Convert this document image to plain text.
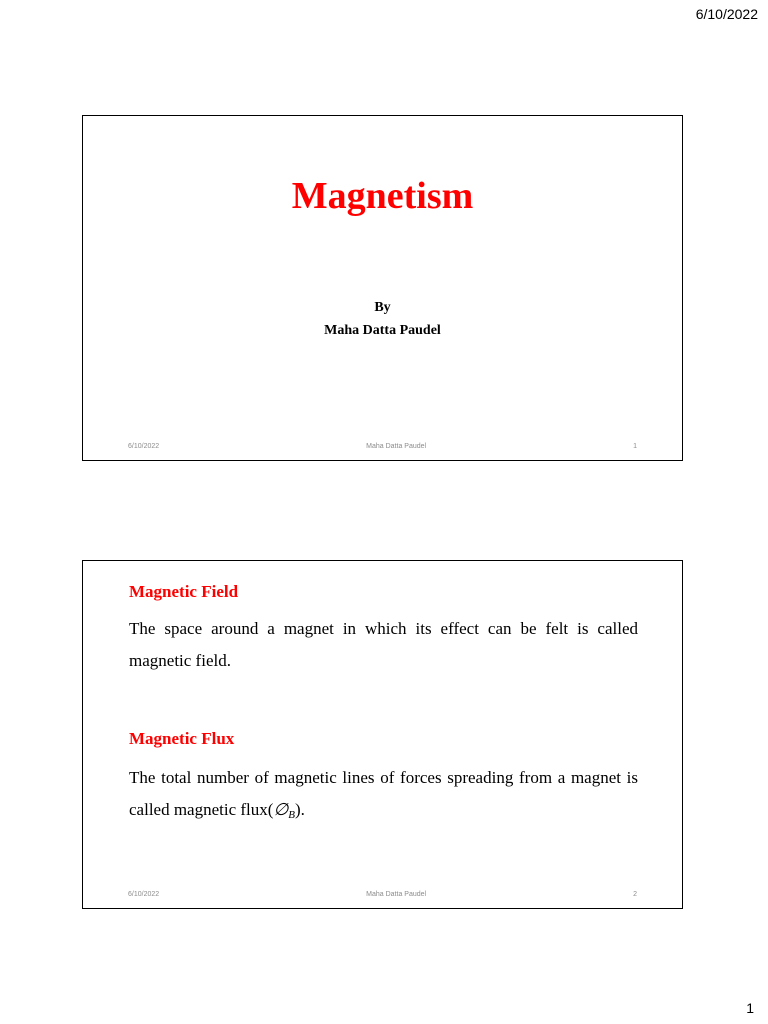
6/10/2022
Magnetism
By
Maha Datta Paudel
6/10/2022	Maha Datta Paudel	1
Magnetic Field
The space around a magnet in which its effect can be felt is called magnetic field.
Magnetic Flux
The total number of magnetic lines of forces spreading from a magnet is called magnetic $flux(\emptyset_B)$.
6/10/2022	Maha Datta Paudel	2
1
